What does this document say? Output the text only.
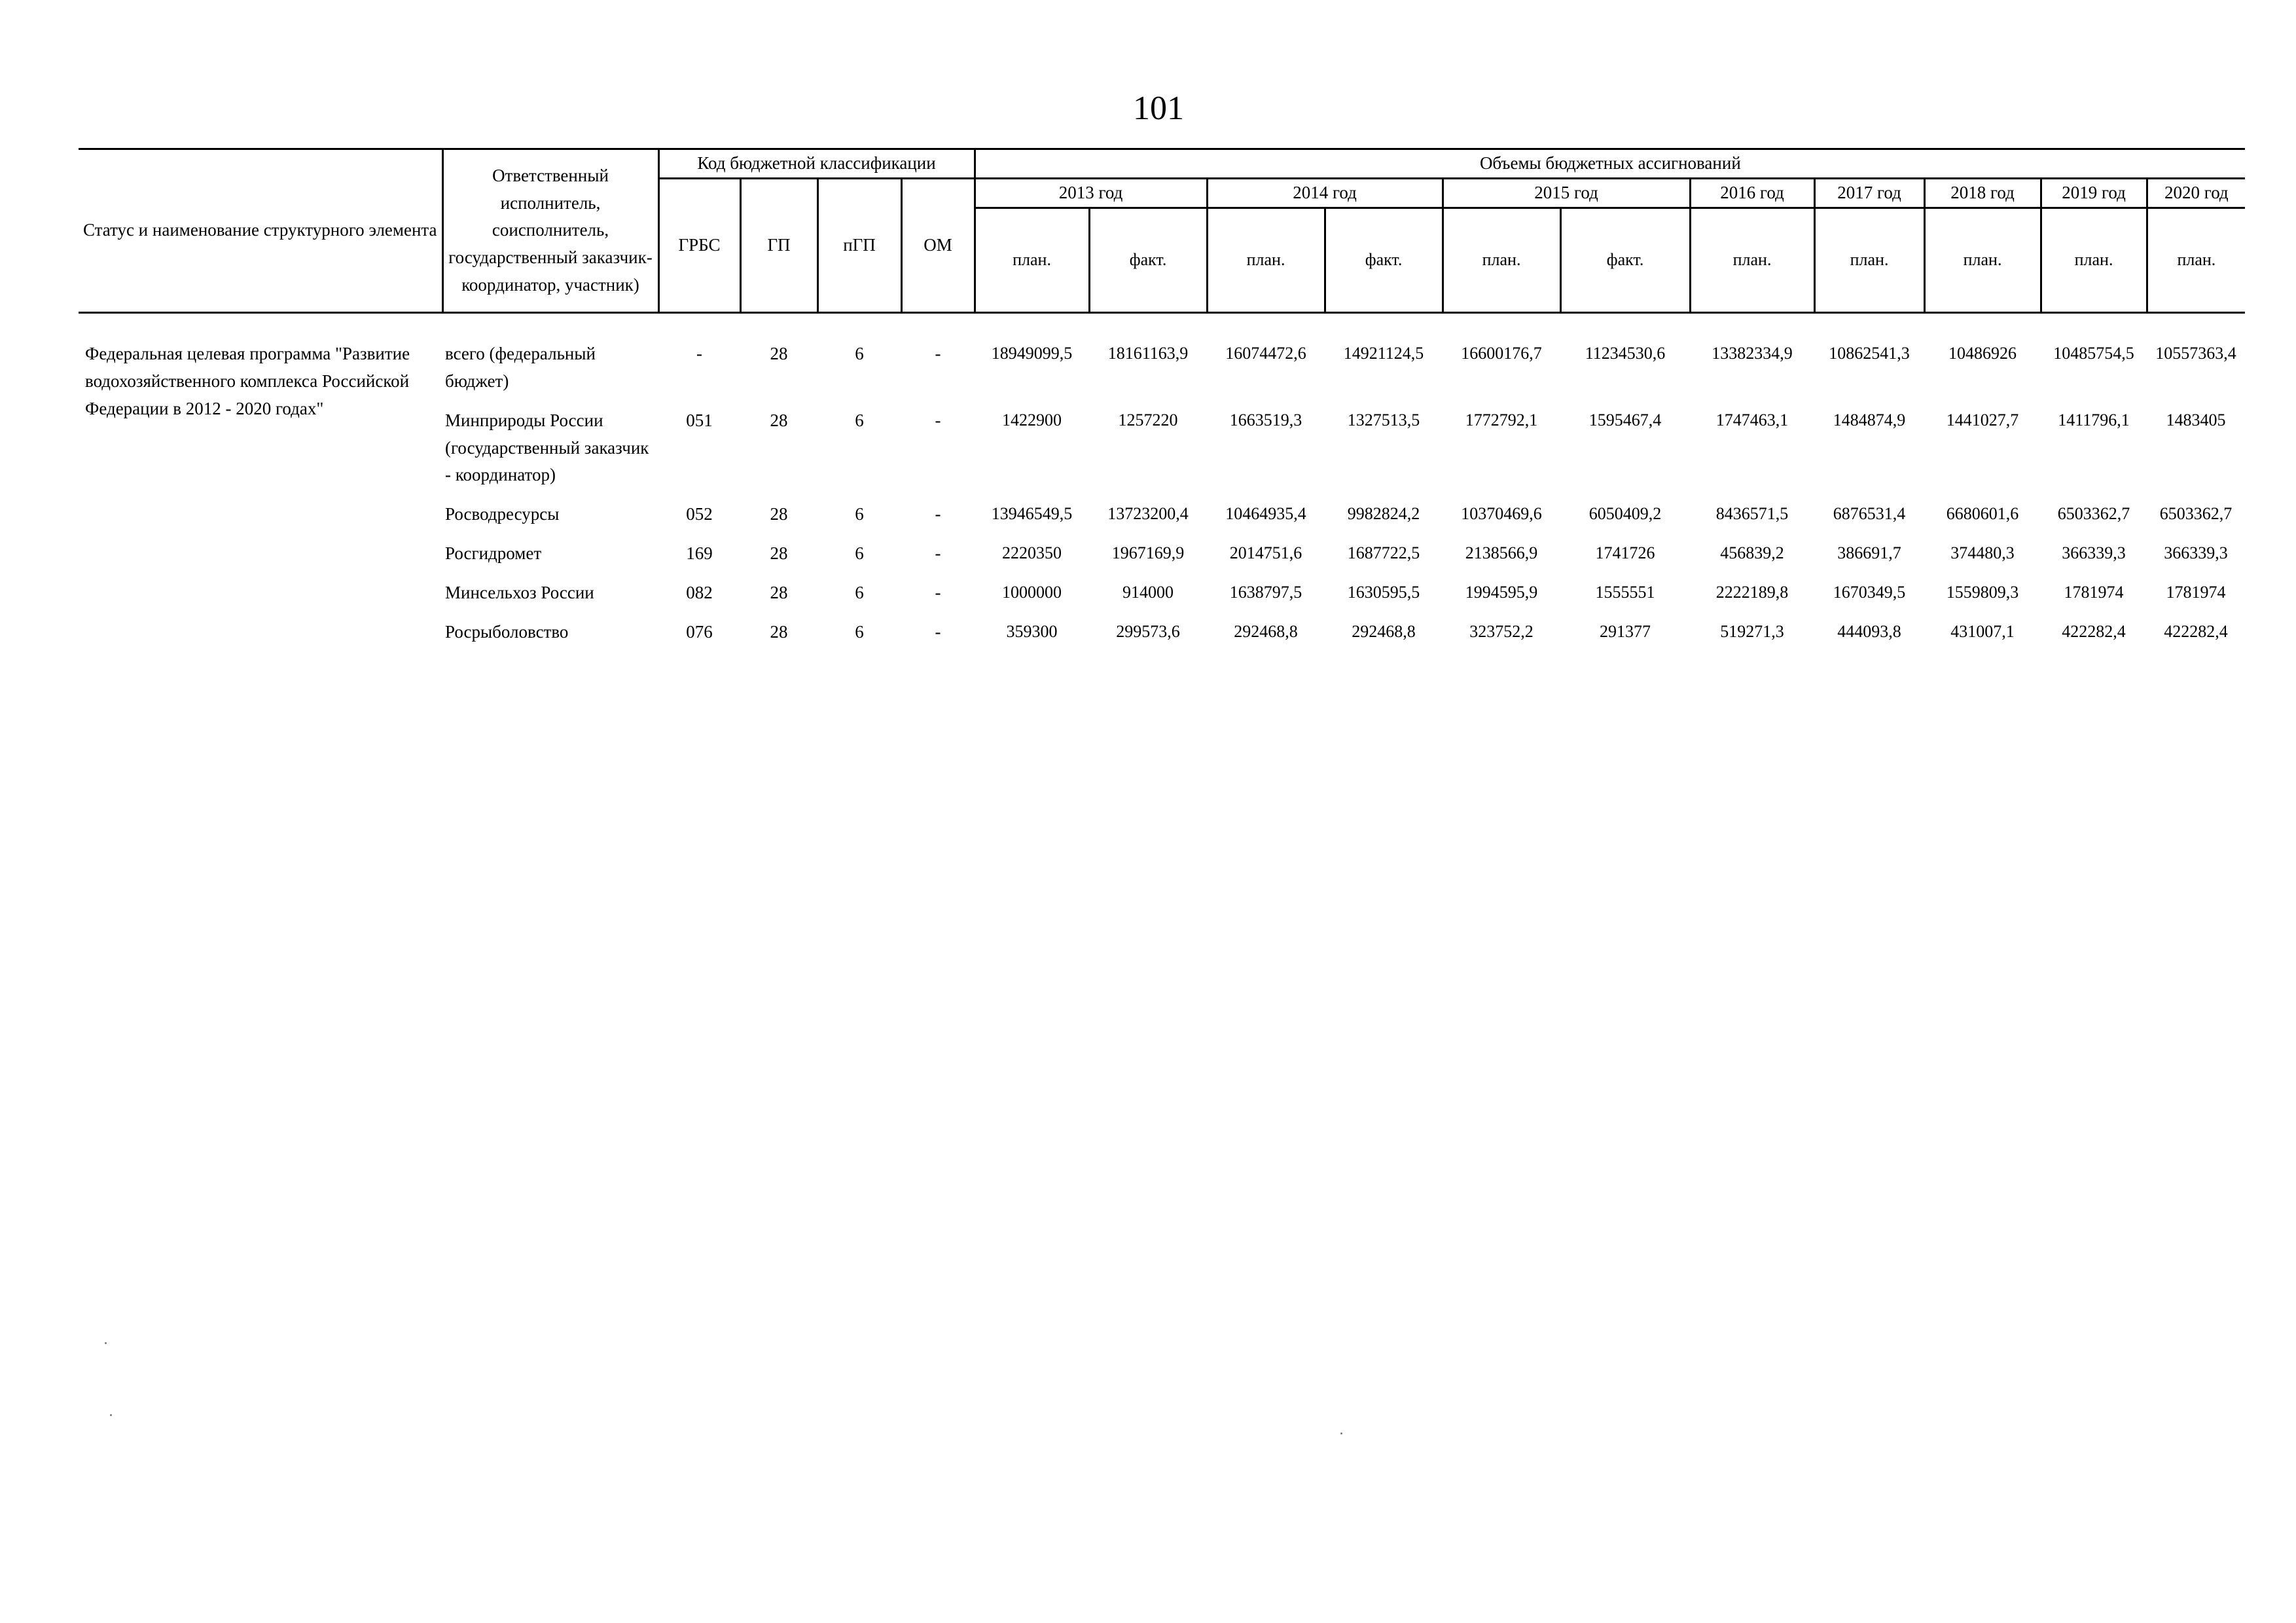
101
Статус и наименование структурного элемента	Ответственный исполнитель, соисполнитель, государственный заказчик-координатор, участник)	Код бюджетной классификации				Объемы бюджетных ассигнований										
		ГРБС	ГП	пГП	ОМ	2013 год		2014 год		2015 год		2016 год	2017 год	2018 год	2019 год	2020 год
						план.	факт.	план.	факт.	план.	факт.	план.	план.	план.	план.	план.
Федеральная целевая программа "Развитие водохозяйственного комплекса Российской Федерации в 2012 - 2020 годах"	всего (федеральный бюджет)	-	28	6	-	18949099,5	18161163,9	16074472,6	14921124,5	16600176,7	11234530,6	13382334,9	10862541,3	10486926	10485754,5	10557363,4
	Минприроды России (государственный заказчик - координатор)	051	28	6	-	1422900	1257220	1663519,3	1327513,5	1772792,1	1595467,4	1747463,1	1484874,9	1441027,7	1411796,1	1483405
	Росводресурсы	052	28	6	-	13946549,5	13723200,4	10464935,4	9982824,2	10370469,6	6050409,2	8436571,5	6876531,4	6680601,6	6503362,7	6503362,7
	Росгидромет	169	28	6	-	2220350	1967169,9	2014751,6	1687722,5	2138566,9	1741726	456839,2	386691,7	374480,3	366339,3	366339,3
	Минсельхоз России	082	28	6	-	1000000	914000	1638797,5	1630595,5	1994595,9	1555551	2222189,8	1670349,5	1559809,3	1781974	1781974
	Росрыболовство	076	28	6	-	359300	299573,6	292468,8	292468,8	323752,2	291377	519271,3	444093,8	431007,1	422282,4	422282,4
